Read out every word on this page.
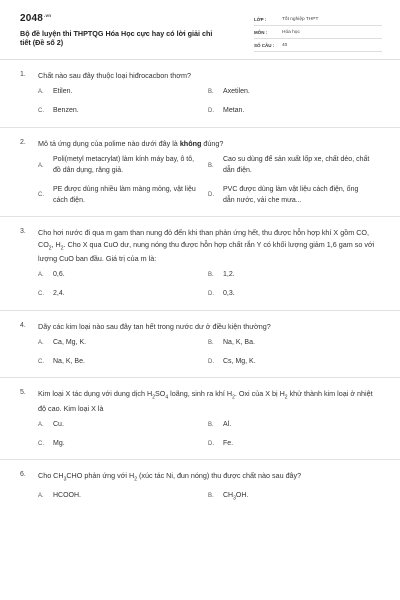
$2048^{.vn}$
Bộ đề luyện thi THPTQG Hóa Học cực hay có lời giải chi tiết (Đề số 2)
LỚP :	Tốt nghiệp THPT
MÔN :	Hóa học
SỐ CÂU :	40
1.	Chất nào sau đây thuộc loại hiđrocacbon thơm?
A.	Etilen.	B.	Axetilen.
C.	Benzen.	D.	Metan.
2.	Mô tả ứng dụng của polime nào dưới đây là không đúng?
A.
Poli(metyl metacrylat) làm kính máy bay, ô tô, đồ dân dụng, răng giả.
B.
Cao su dùng để sản xuất lốp xe, chất dẻo, chất dẫn điện.
C.
PE được dùng nhiều làm màng mỏng, vật liệu cách điện.
D.
PVC được dùng làm vật liệu cách điện, ống dẫn nước, vải che mưa...
3.	Cho hơi nước đi qua m gam than nung đỏ đến khi than phản ứng hết, thu được hỗn hợp khí X gồm CO, $CO_2$, $H_2$. Cho X qua CuO dư, nung nóng thu được hỗn hợp chất rắn Y có khối lượng giảm 1,6 gam so với lượng CuO ban đầu. Giá trị của m là:
A.	0,6.	B.	1,2.
C.	2,4.	D.	0,3.
4.	Dãy các kim loại nào sau đây tan hết trong nước dư ở điều kiện thường?
A.	Ca, Mg, K.	B.	Na, K, Ba.
C.	Na, K, Be.	D.	Cs, Mg, K.
5.	Kim loại X tác dụng với dung dịch $H_2SO_4$ loãng, sinh ra khí $H_2$. Oxi của X bị $H_2$ khử thành kim loại ở nhiệt độ cao. Kim loại X là
A.	Cu.	B.	Al.
C.	Mg.	D.	Fe.
6.	Cho $CH_3CHO$ phản ứng với $H_2$ (xúc tác Ni, đun nóng) thu được chất nào sau đây?
A.	HCOOH.	B.	$CH_3OH$.
